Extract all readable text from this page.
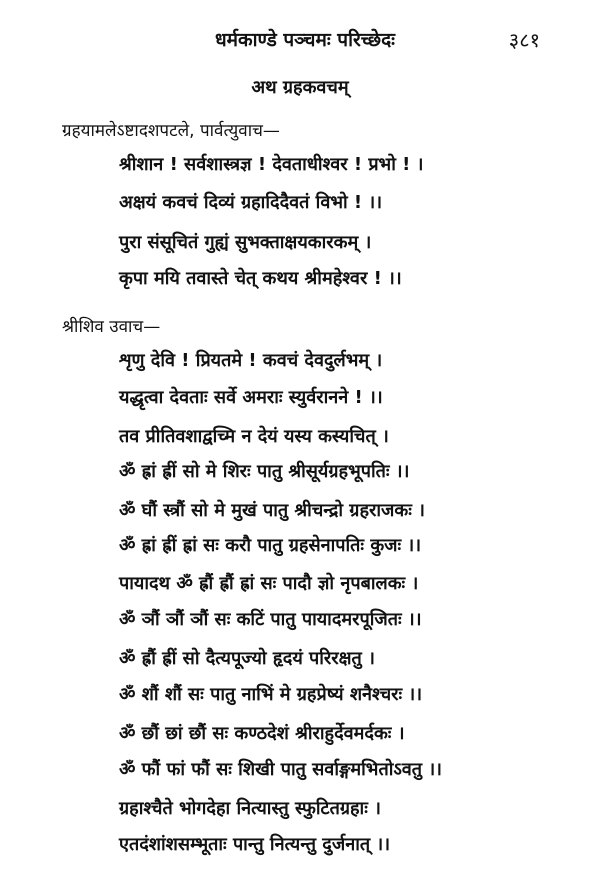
धर्मकाण्डे पञ्चमः परिच्छेदः	३८१
अथ ग्रहकवचम्
ग्रहयामलेऽष्टादशपटले, पार्वत्युवाच—
श्रीशान ! सर्वशास्त्रज्ञ ! देवताधीश्वर ! प्रभो ! ।
अक्षयं कवचं दिव्यं ग्रहादिदैवतं विभो ! ।।
पुरा संसूचितं गुह्यं सुभक्ताक्षयकारकम् ।
कृपा मयि तवास्ते चेत् कथय श्रीमहेश्वर ! ।।
श्रीशिव उवाच—
शृणु देवि ! प्रियतमे ! कवचं देवदुर्लभम् ।
यद्धृत्वा देवताः सर्वे अमराः स्युर्वरानने ! ।।
तव प्रीतिवशाद्वच्मि न देयं यस्य कस्यचित् ।
ॐ ह्रां ह्रीं सो मे शिरः पातु श्रीसूर्यग्रहभूपतिः ।।
ॐ घौं स्त्रौं सो मे मुखं पातु श्रीचन्द्रो ग्रहराजकः ।
ॐ ह्रां ह्रीं ह्रां सः करौ पातु ग्रहसेनापतिः कुजः ।।
पायादथ ॐ ह्रौं ह्रौं ह्रां सः पादौ ज्ञो नृपबालकः ।
ॐ ञौं ञौं ञौं सः कटिं पातु पायादमरपूजितः ।।
ॐ ह्रौं ह्रीं सो दैत्यपूज्यो हृदयं परिरक्षतु ।
ॐ शौं शौं सः पातु नाभिं मे ग्रहप्रेष्यं शनैश्चरः ।।
ॐ छौं छां छौं सः कण्ठदेशं श्रीराहुर्देवमर्दकः ।
ॐ फौं फां फौं सः शिखी पातु सर्वाङ्गमभितोऽवतु ।।
ग्रहाश्चैते भोगदेहा नित्यास्तु स्फुटितग्रहाः ।
एतदंशांशसम्भूताः पान्तु नित्यन्तु दुर्जनात् ।।
